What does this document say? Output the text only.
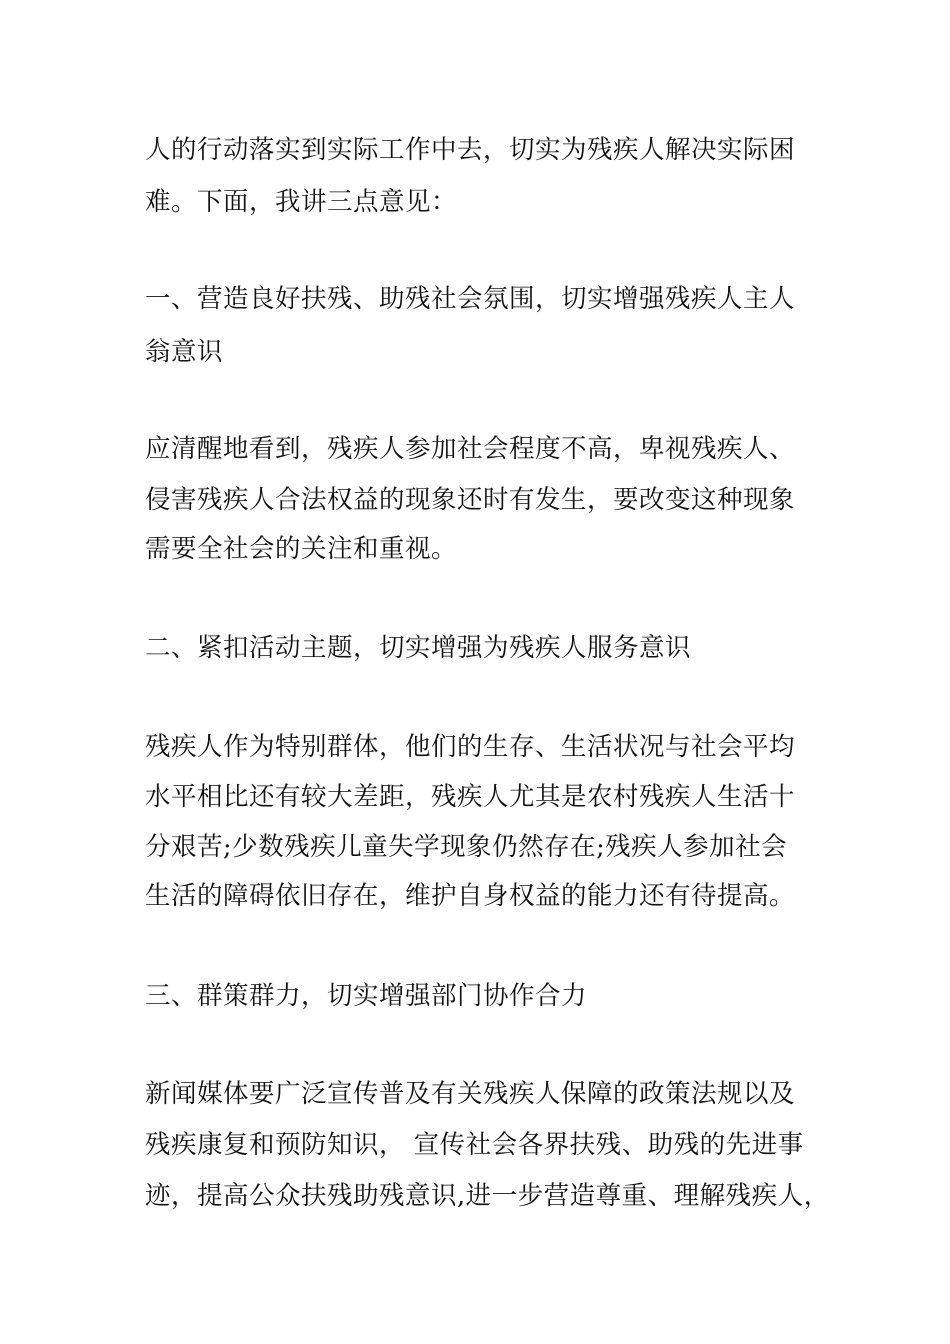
人的行动落实到实际工作中去，切实为残疾人解决实际困
难。下面，我讲三点意见：
一、营造良好扶残、助残社会氛围，切实增强残疾人主人
翁意识
应清醒地看到，残疾人参加社会程度不高，卑视残疾人、
侵害残疾人合法权益的现象还时有发生，要改变这种现象
需要全社会的关注和重视。
二、紧扣活动主题，切实增强为残疾人服务意识
残疾人作为特别群体，他们的生存、生活状况与社会平均
水平相比还有较大差距，残疾人尤其是农村残疾人生活十
分艰苦;少数残疾儿童失学现象仍然存在;残疾人参加社会
生活的障碍依旧存在，维护自身权益的能力还有待提高。
三、群策群力，切实增强部门协作合力
新闻媒体要广泛宣传普及有关残疾人保障的政策法规以及
残疾康复和预防知识， 宣传社会各界扶残、助残的先进事
迹，提高公众扶残助残意识,进一步营造尊重、理解残疾人，
